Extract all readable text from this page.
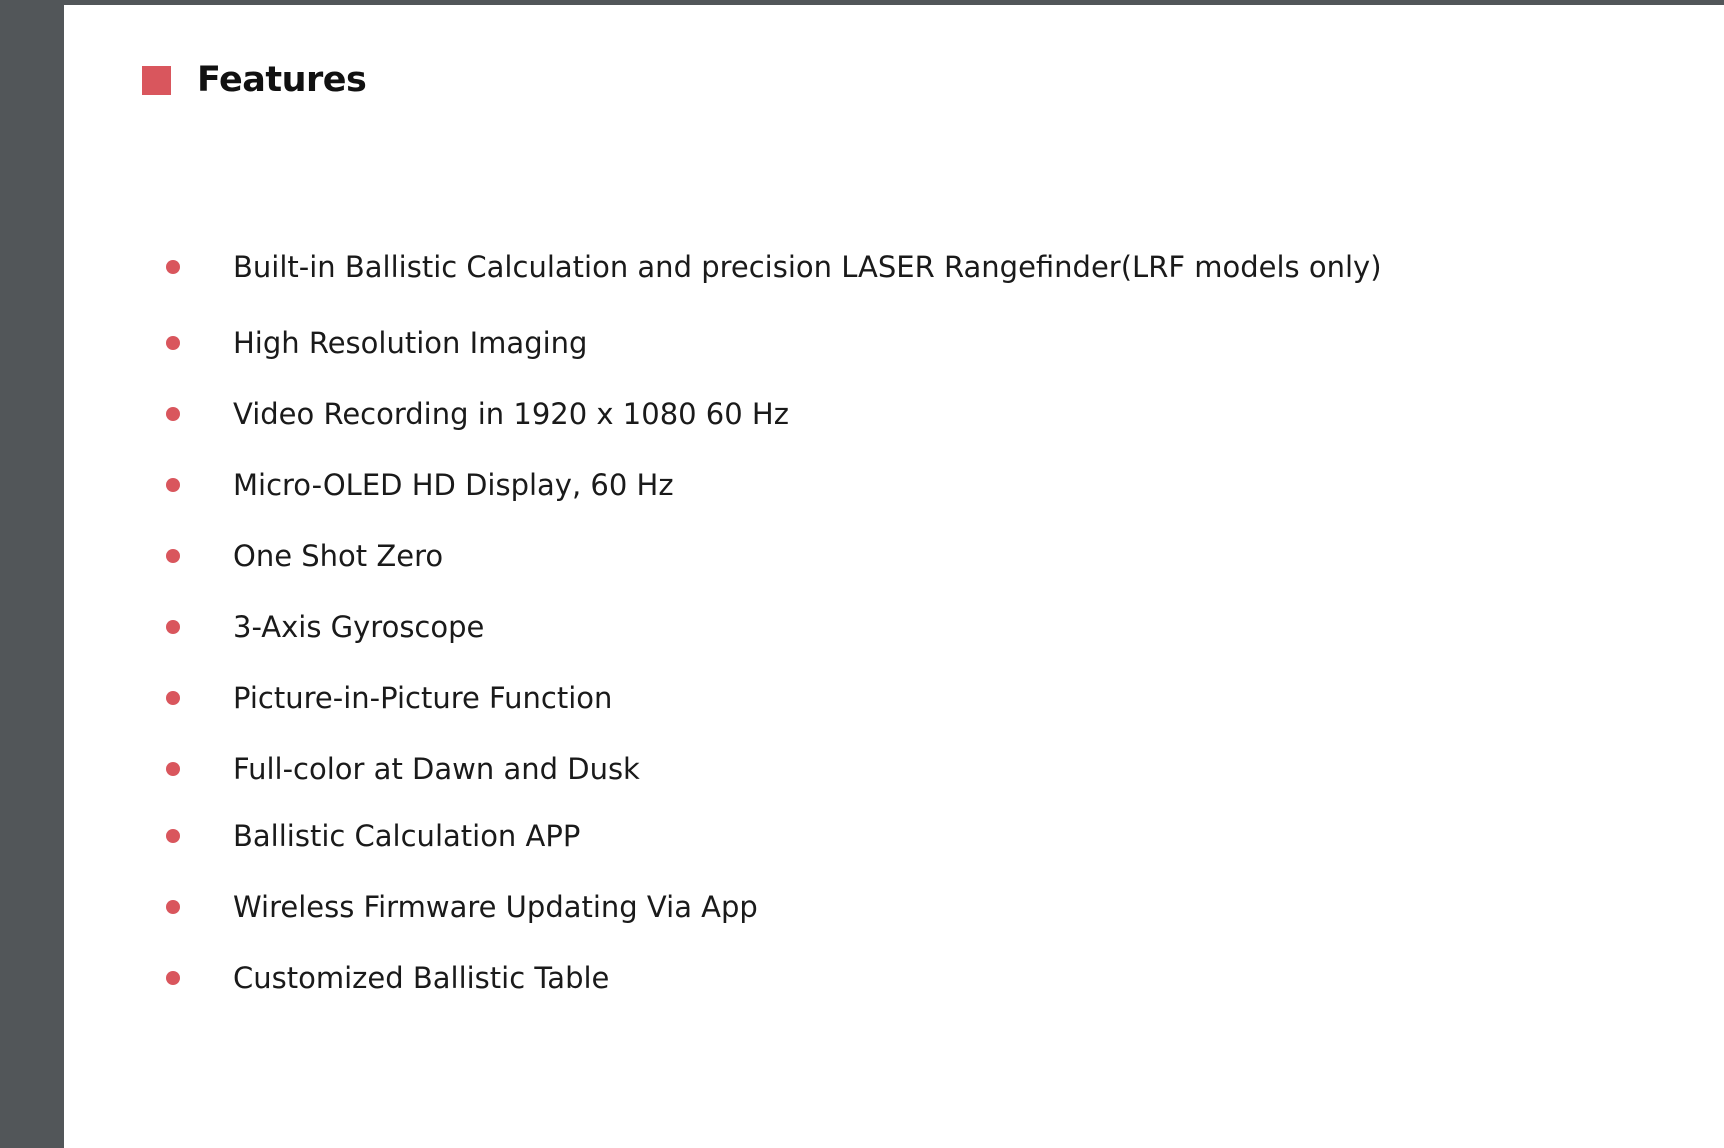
Features
Built-in Ballistic Calculation and precision LASER Rangefinder(LRF models only)
High Resolution Imaging
Video Recording in 1920 x 1080 60 Hz
Micro-OLED HD Display, 60 Hz
One Shot Zero
3-Axis Gyroscope
Picture-in-Picture Function
Full-color at Dawn and Dusk
Ballistic Calculation APP
Wireless Firmware Updating Via App
Customized Ballistic Table
